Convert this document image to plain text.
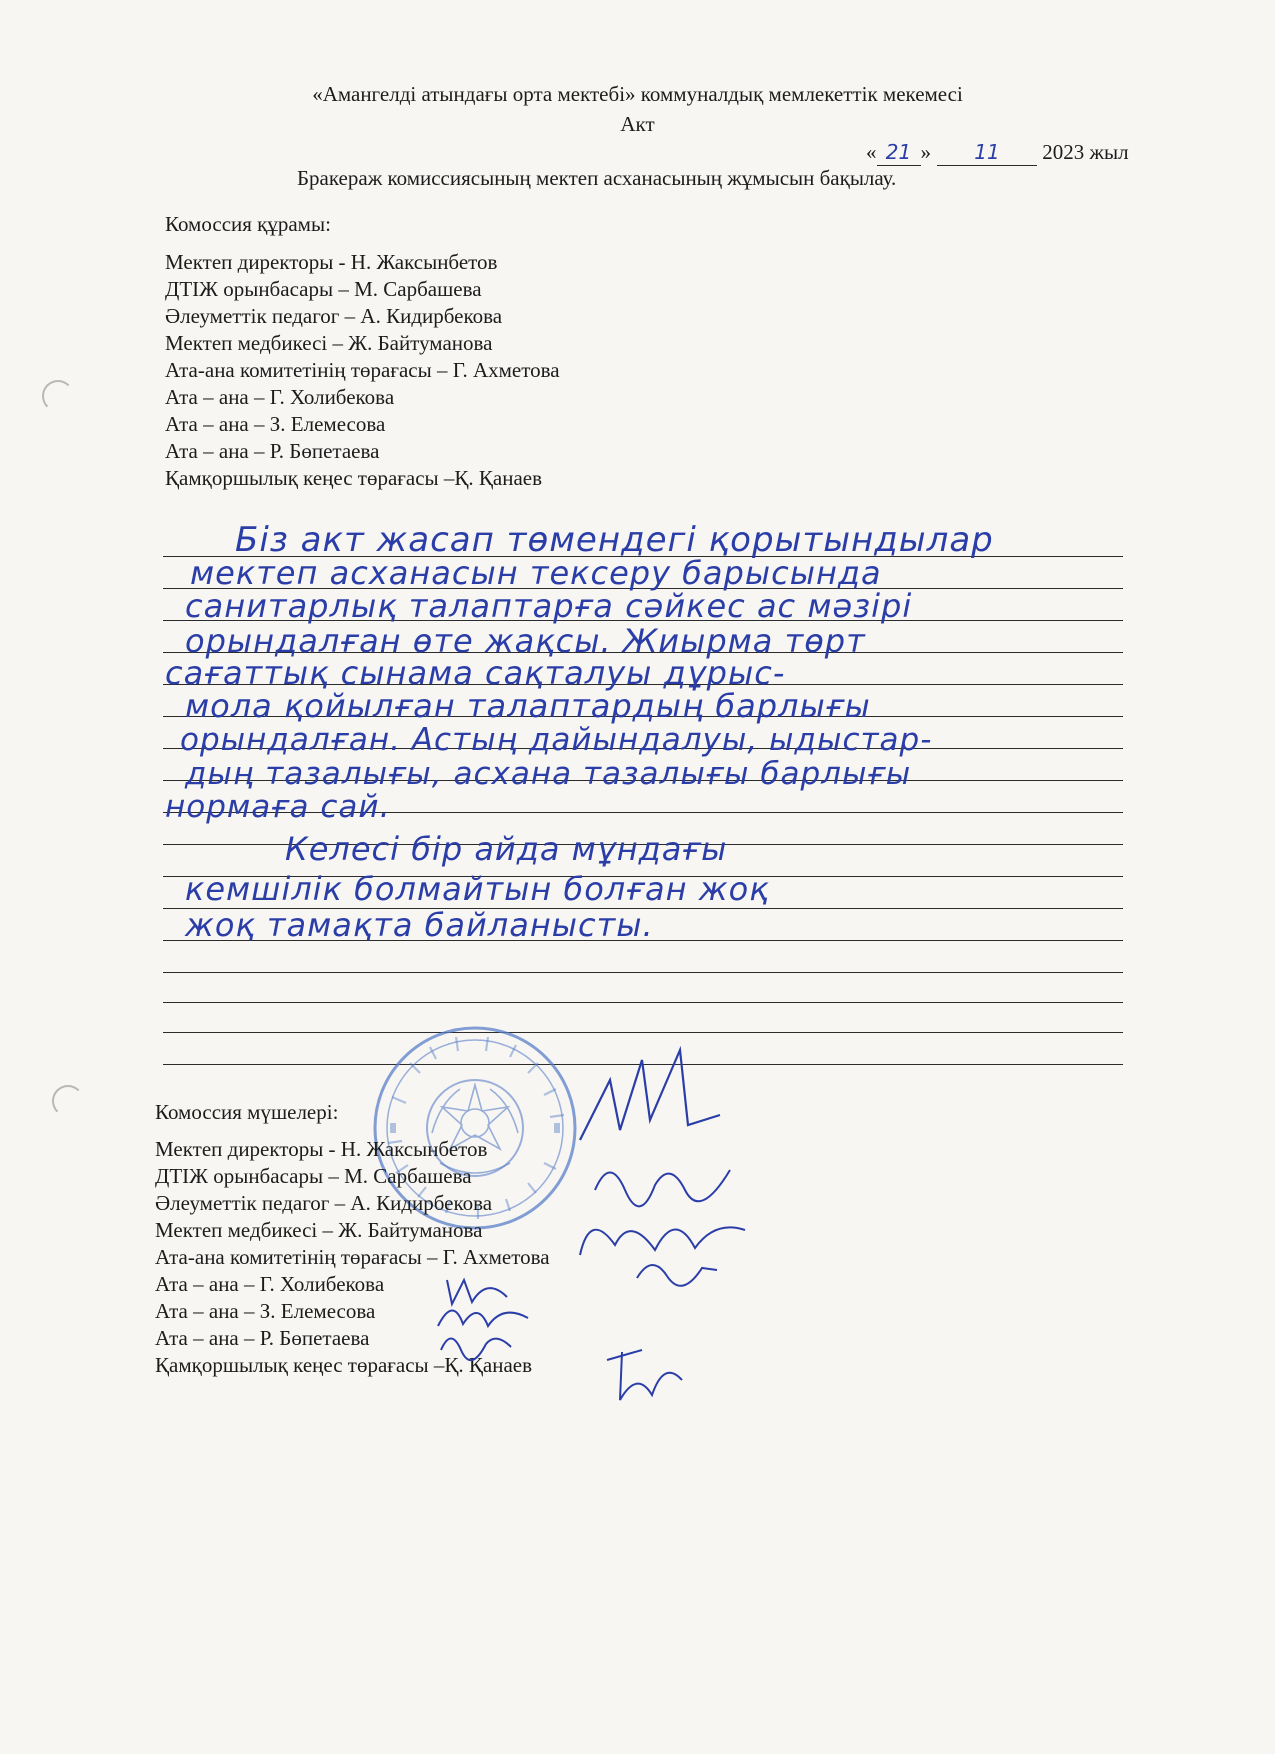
«Амангелді атындағы орта мектебі» коммуналдық мемлекеттік мекемесі
Акт
« 21 » 11 2023 жыл
Бракераж комиссиясының мектеп асханасының жұмысын бақылау.
Комоссия құрамы:
Мектеп директоры - Н. Жаксынбетов
ДТІЖ орынбасары – М. Сарбашева
Әлеуметтік педагог – А. Кидирбекова
Мектеп медбикесі – Ж. Байтуманова
Ата-ана комитетінің төрағасы – Г. Ахметова
Ата – ана – Г. Холибекова
Ата – ана – З. Елемесова
Ата – ана – Р. Бөпетаева
Қамқоршылық кеңес төрағасы –Қ. Қанаев
Біз акт жасап төмендегі қорытындылар
мектеп асханасын тексеру барысында
санитарлық талаптарға сәйкес ас мәзірі
орындалған өте жақсы. Жиырма төрт
сағаттық сынама сақталуы дұрыс-
мола қойылған талаптардың барлығы
орындалған. Астың дайындалуы, ыдыстар-
дың тазалығы, асхана тазалығы барлығы
нормаға сай.
Келесі бір айда мұндағы
кемшілік болмайтын болған жоқ
жоқ тамақта байланысты.
Комоссия мүшелері:
Мектеп директоры - Н. Жаксынбетов
ДТІЖ орынбасары – М. Сарбашева
Әлеуметтік педагог – А. Кидирбекова
Мектеп медбикесі – Ж. Байтуманова
Ата-ана комитетінің төрағасы – Г. Ахметова
Ата – ана – Г. Холибекова
Ата – ана – З. Елемесова
Ата – ана – Р. Бөпетаева
Қамқоршылық кеңес төрағасы –Қ. Қанаев
